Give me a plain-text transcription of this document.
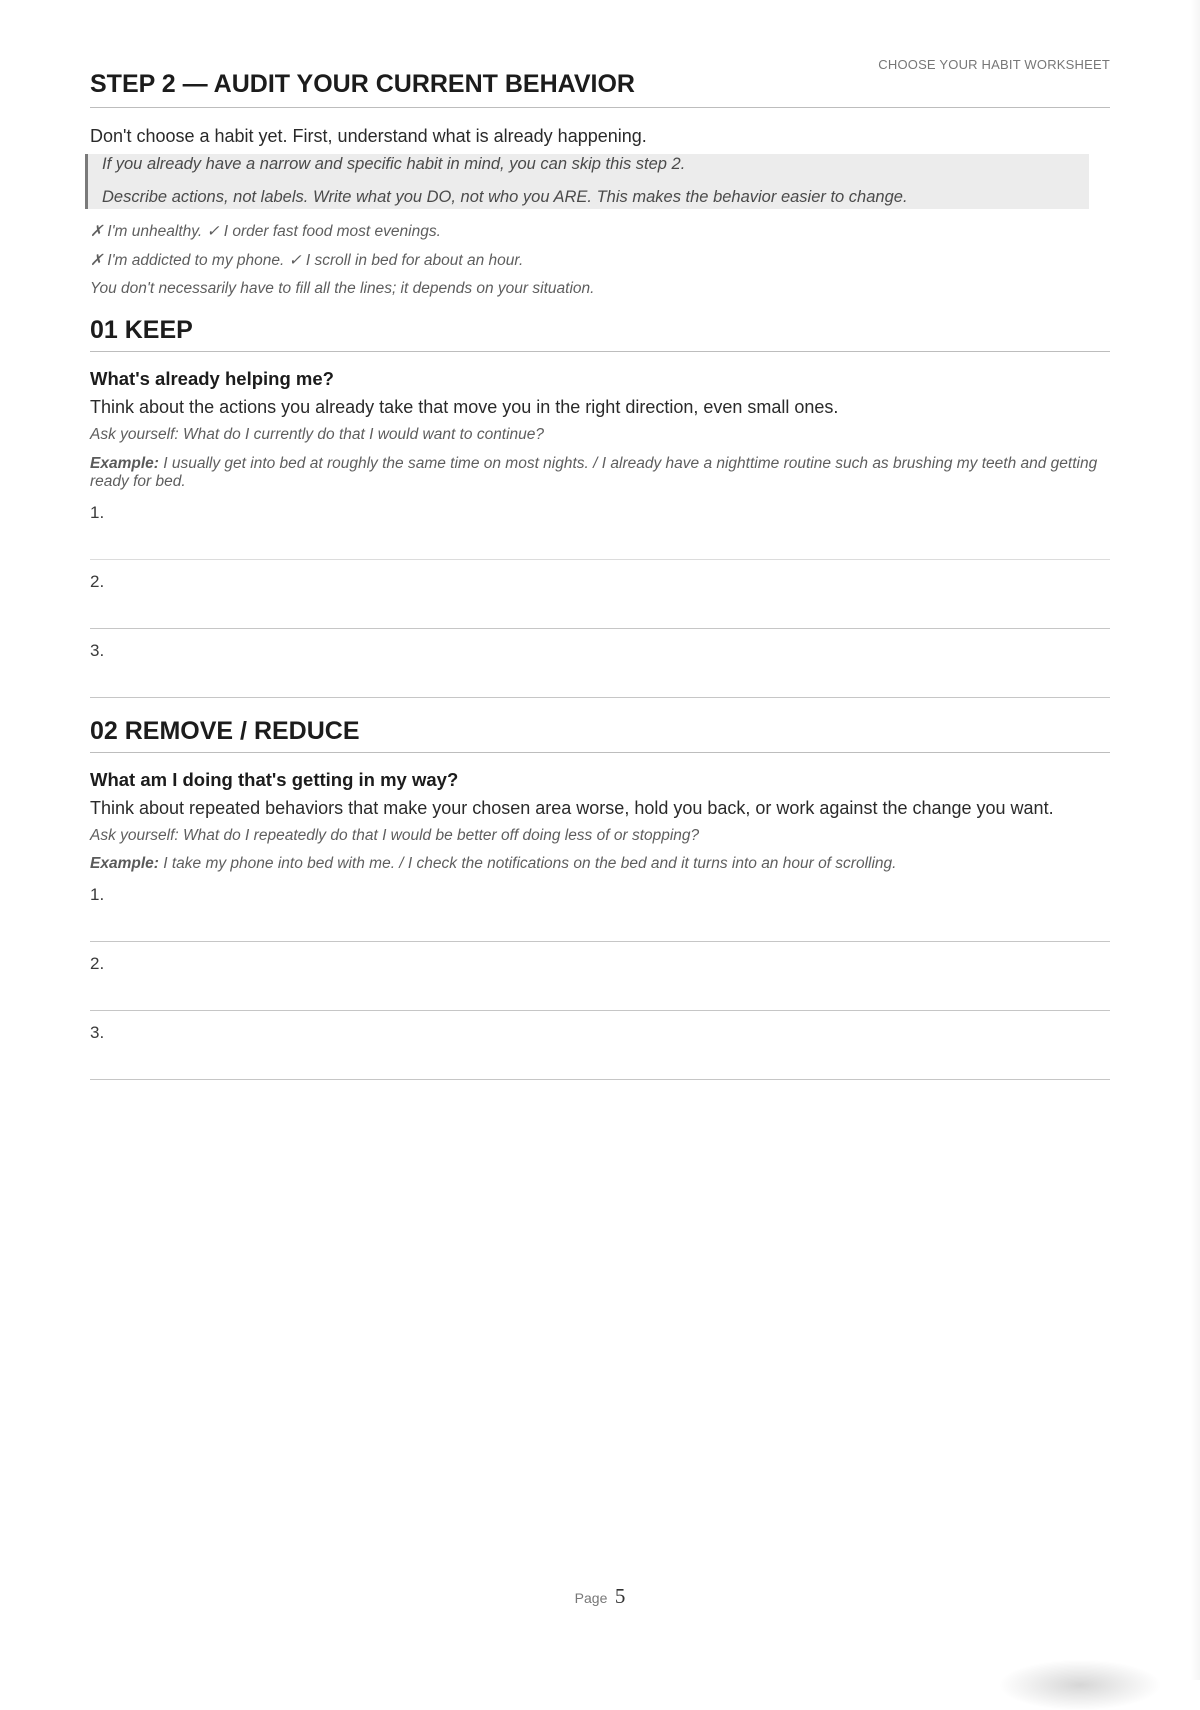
CHOOSE YOUR HABIT WORKSHEET
STEP 2 — AUDIT YOUR CURRENT BEHAVIOR

Don't choose a habit yet. First, understand what is already happening.

If you already have a narrow and specific habit in mind, you can skip this step 2.

Describe actions, not labels. Write what you DO, not who you ARE. This makes the behavior easier to change.

✗ I'm unhealthy. ✓ I order fast food most evenings.

✗ I'm addicted to my phone. ✓ I scroll in bed for about an hour.

You don't necessarily have to fill all the lines; it depends on your situation.

01 KEEP

What's already helping me?

Think about the actions you already take that move you in the right direction, even small ones.

Ask yourself: What do I currently do that I would want to continue?

Example: I usually get into bed at roughly the same time on most nights. / I already have a nighttime routine such as brushing my teeth and getting ready for bed.

1.
2.
3.
02 REMOVE / REDUCE

What am I doing that's getting in my way?

Think about repeated behaviors that make your chosen area worse, hold you back, or work against the change you want.

Ask yourself: What do I repeatedly do that I would be better off doing less of or stopping?

Example: I take my phone into bed with me. / I check the notifications on the bed and it turns into an hour of scrolling.

1.
2.
3.
Page 5
